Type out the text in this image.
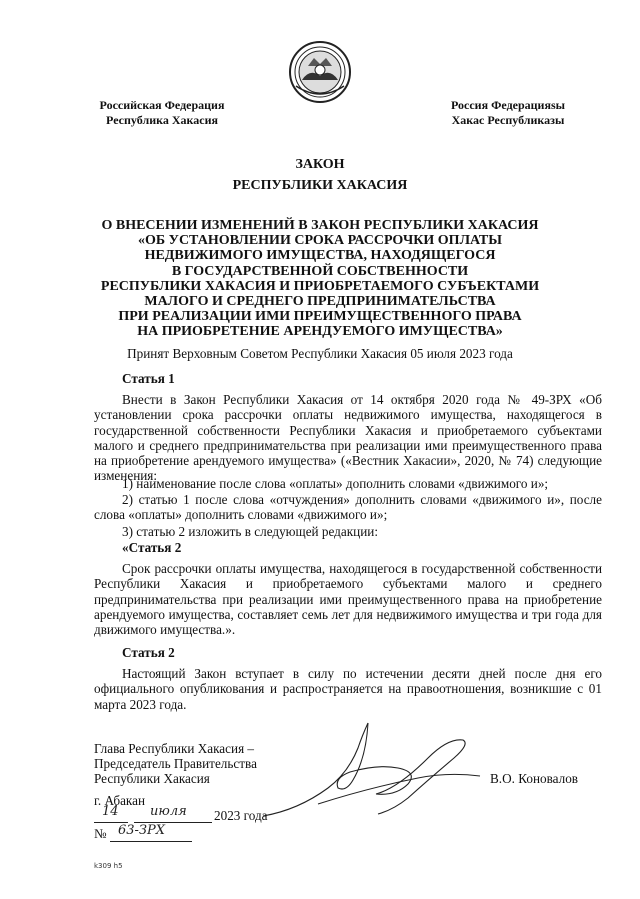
Российская Федерация
Республика Хакасия
Россия Федерацияѕы
Хакас Республиказы
ЗАКОН
РЕСПУБЛИКИ ХАКАСИЯ
О ВНЕСЕНИИ ИЗМЕНЕНИЙ В ЗАКОН РЕСПУБЛИКИ ХАКАСИЯ
«ОБ УСТАНОВЛЕНИИ СРОКА РАССРОЧКИ ОПЛАТЫ
НЕДВИЖИМОГО ИМУЩЕСТВА, НАХОДЯЩЕГОСЯ
В ГОСУДАРСТВЕННОЙ СОБСТВЕННОСТИ
РЕСПУБЛИКИ ХАКАСИЯ И ПРИОБРЕТАЕМОГО СУБЪЕКТАМИ
МАЛОГО И СРЕДНЕГО ПРЕДПРИНИМАТЕЛЬСТВА
ПРИ РЕАЛИЗАЦИИ ИМИ ПРЕИМУЩЕСТВЕННОГО ПРАВА
НА ПРИОБРЕТЕНИЕ АРЕНДУЕМОГО ИМУЩЕСТВА»
Принят Верховным Советом Республики Хакасия 05 июля 2023 года
Статья 1
Внести в Закон Республики Хакасия от 14 октября 2020 года № 49-ЗРХ «Об установлении срока рассрочки оплаты недвижимого имущества, находящегося в государственной собственности Республики Хакасия и приобретаемого субъектами малого и среднего предпринимательства при реализации ими преимущественного права на приобретение арендуемого имущества» («Вестник Хакасии», 2020, № 74) следующие изменения:
1) наименование после слова «оплаты» дополнить словами «движимого и»;
2) статью 1 после слова «отчуждения» дополнить словами «движимого и», после слова «оплаты» дополнить словами «движимого и»;
3) статью 2 изложить в следующей редакции:
«Статья 2
Срок рассрочки оплаты имущества, находящегося в государственной собственности Республики Хакасия и приобретаемого субъектами малого и среднего предпринимательства при реализации ими преимущественного права на приобретение арендуемого имущества, составляет семь лет для недвижимого имущества и три года для движимого имущества.».
Статья 2
Настоящий Закон вступает в силу по истечении десяти дней после дня его официального опубликования и распространяется на правоотношения, возникшие с 01 марта 2023 года.
Глава Республики Хакасия –
Председатель Правительства
Республики Хакасия	В.О. Коновалов
г. Абакан
14 июля 2023 года
№ 63-ЗРХ
k309 h5
